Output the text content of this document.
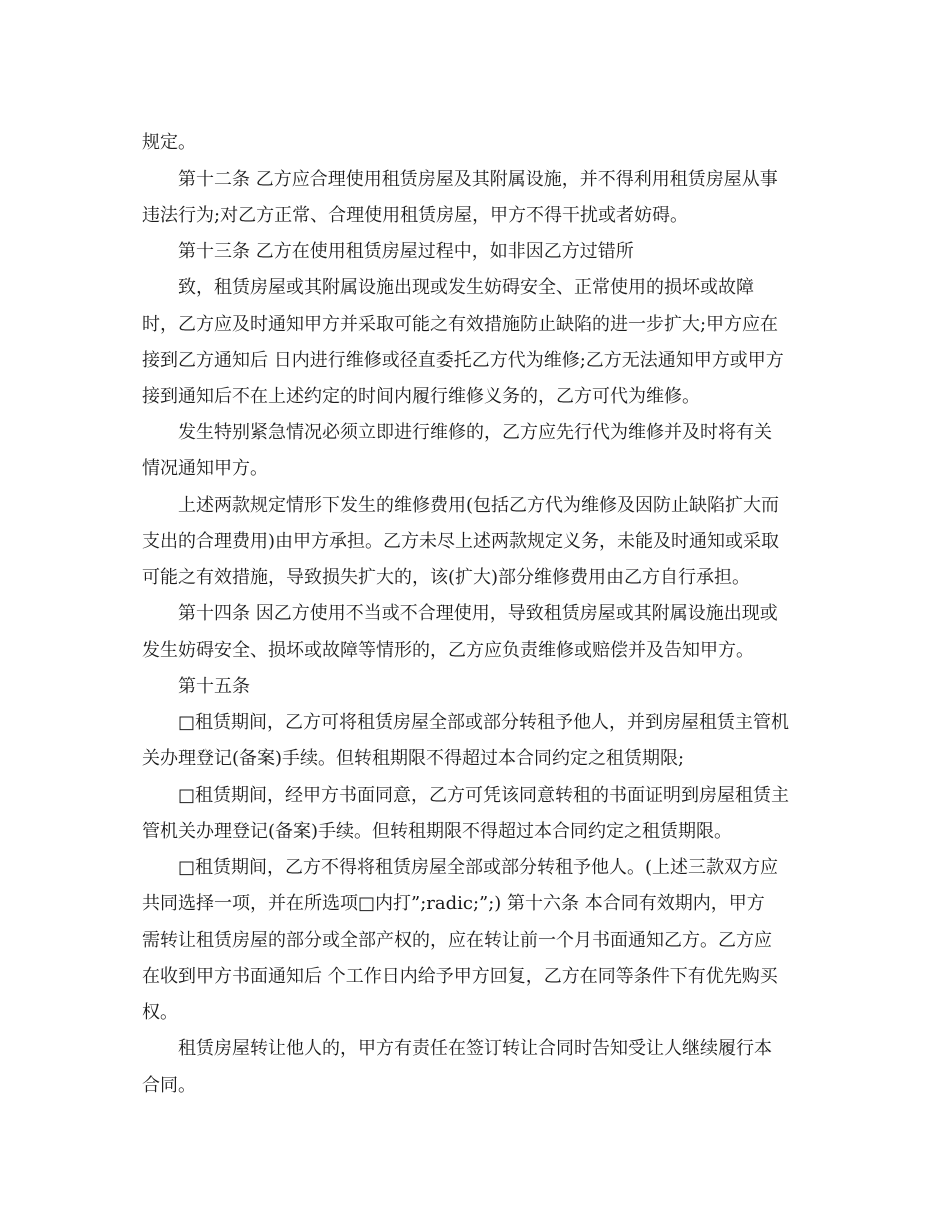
规定。

第十二条 乙方应合理使用租赁房屋及其附属设施，并不得利用租赁房屋从事

违法行为;对乙方正常、合理使用租赁房屋，甲方不得干扰或者妨碍。

第十三条 乙方在使用租赁房屋过程中，如非因乙方过错所

致，租赁房屋或其附属设施出现或发生妨碍安全、正常使用的损坏或故障

时，乙方应及时通知甲方并采取可能之有效措施防止缺陷的进一步扩大;甲方应在

接到乙方通知后 日内进行维修或径直委托乙方代为维修;乙方无法通知甲方或甲方

接到通知后不在上述约定的时间内履行维修义务的，乙方可代为维修。

发生特别紧急情况必须立即进行维修的，乙方应先行代为维修并及时将有关

情况通知甲方。

上述两款规定情形下发生的维修费用(包括乙方代为维修及因防止缺陷扩大而

支出的合理费用)由甲方承担。乙方未尽上述两款规定义务，未能及时通知或采取

可能之有效措施，导致损失扩大的，该(扩大)部分维修费用由乙方自行承担。

第十四条 因乙方使用不当或不合理使用，导致租赁房屋或其附属设施出现或

发生妨碍安全、损坏或故障等情形的，乙方应负责维修或赔偿并及告知甲方。

第十五条

□租赁期间，乙方可将租赁房屋全部或部分转租予他人，并到房屋租赁主管机

关办理登记(备案)手续。但转租期限不得超过本合同约定之租赁期限;

□租赁期间，经甲方书面同意，乙方可凭该同意转租的书面证明到房屋租赁主

管机关办理登记(备案)手续。但转租期限不得超过本合同约定之租赁期限。

□租赁期间，乙方不得将租赁房屋全部或部分转租予他人。(上述三款双方应

共同选择一项，并在所选项□内打”;radic;”;) 第十六条 本合同有效期内，甲方

需转让租赁房屋的部分或全部产权的，应在转让前一个月书面通知乙方。乙方应

在收到甲方书面通知后 个工作日内给予甲方回复，乙方在同等条件下有优先购买

权。

租赁房屋转让他人的，甲方有责任在签订转让合同时告知受让人继续履行本

合同。
